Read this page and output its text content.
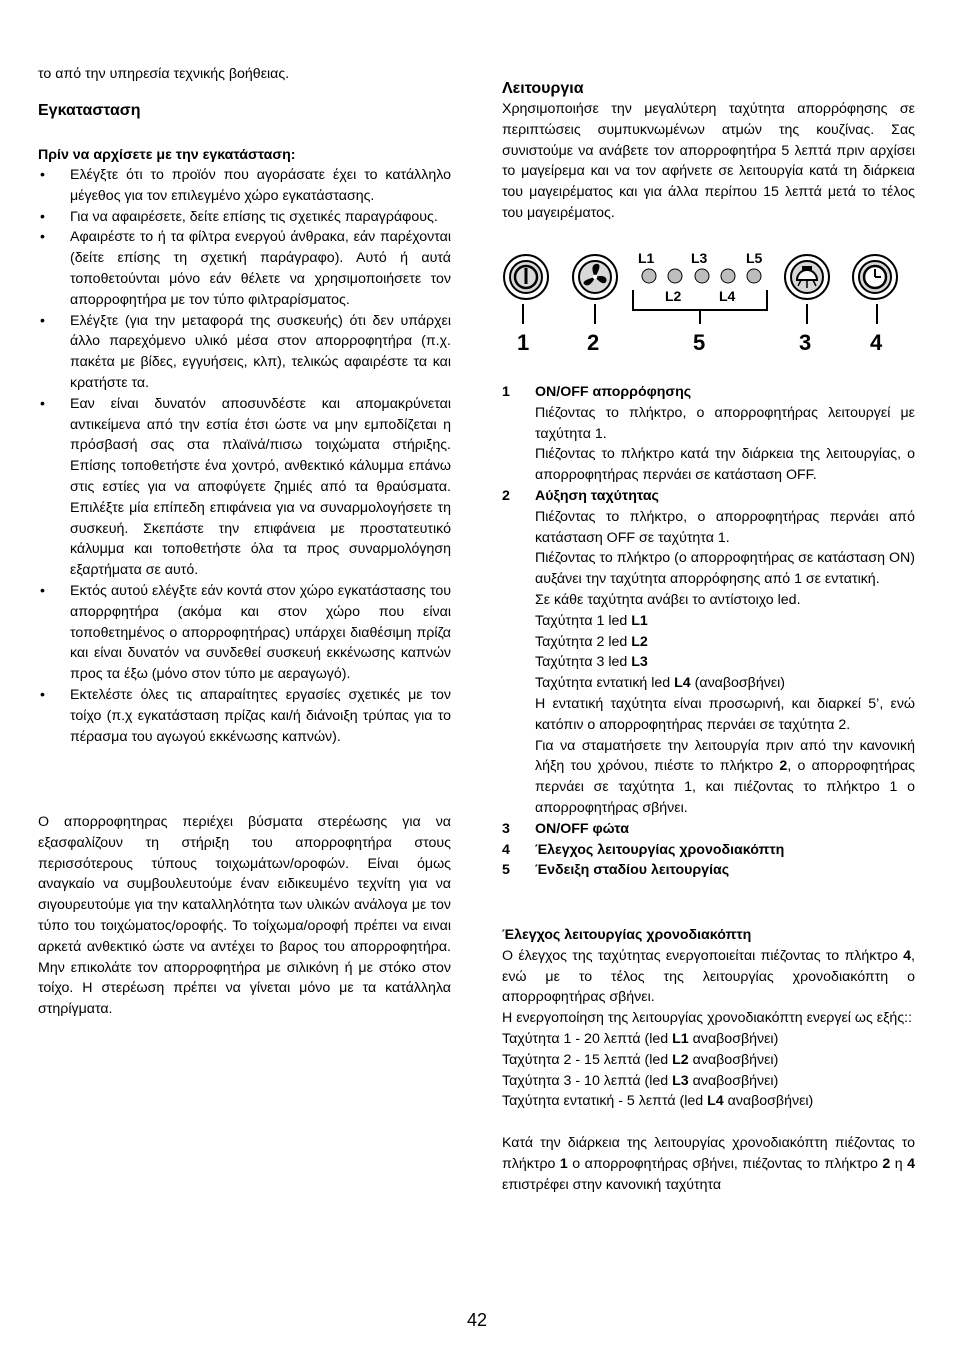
το από την υπηρεσία τεχνικής βοήθειας.
Εγκατασταση
Πρίν να αρχίσετε με την εγκατάσταση:
• Ελέγξτε ότι το προϊόν που αγοράσατε έχει το κατάλληλο μέγεθος για τον επιλεγμένο χώρο εγκατάστασης.
• Για να αφαιρέσετε, δείτε επίσης τις σχετικές παραγράφους.
• Αφαιρέστε το ή τα φίλτρα ενεργού άνθρακα, εάν παρέχονται (δείτε επίσης τη σχετική παράγραφο). Αυτό ή αυτά τοποθετούνται μόνο εάν θέλετε να χρησιμοποιήσετε τον απορροφητήρα με τον τύπο φιλτραρίσματος.
• Ελέγξτε (για την μεταφορά της συσκευής) ότι δεν υπάρχει άλλο παρεχόμενο υλικό μέσα στον απορροφητήρα (π.χ. πακέτα με βίδες, εγγυήσεις, κλπ), τελικώς αφαιρέστε τα και κρατήστε τα.
• Εαν είναι δυνατόν αποσυνδέστε και απομακρύνεται αντικείμενα από την εστία έτσι ώστε να μην εμποδίζεται η πρόσβασή σας στα πλαϊνά/πισω τοιχώματα στήριξης. Επίσης τοποθετήστε ένα χοντρό, ανθεκτικό κάλυμμα επάνω στις εστίες για να αποφύγετε ζημιές από τα θραύσματα. Επιλέξτε μία επίπεδη επιφάνεια για να συναρμολογήσετε τη συσκευή. Σκεπάστε την επιφάνεια με προστατευτικό κάλυμμα και τοποθετήστε όλα τα προς συναρμολόγηση εξαρτήματα σε αυτό.
• Εκτός αυτού ελέγξτε εάν κοντά στον χώρο εγκατάστασης του απορρφητήρα (ακόμα και στον χώρο που είναι τοποθετημένος ο απορροφητήρας) υπάρχει διαθέσιμη πρίζα και είναι δυνατόν να συνδεθεί συσκευή εκκένωσης καπνών προς τα έξω (μόνο στον τύπο με αεραγωγό).
• Εκτελέστε όλες τις απαραίτητες εργασίες σχετικές με τον τοίχο (π.χ εγκατάσταση πρίζας και/ή διάνοιξη τρύπας για το πέρασμα του αγωγού εκκένωσης καπνών).
Ο απορροφητηρας περιέχει βύσματα στερέωσης για να εξασφαλίζουν τη στήριξη του απορροφητήρα στους περισσότερους τύπους τοιχωμάτων/οροφών. Είναι όμως αναγκαίο να συμβουλευτούμε έναν ειδικευμένο τεχνίτη για να σιγουρευτούμε για την καταλληλότητα των υλικών ανάλογα με τον τύπο του τοιχώματος/οροφής. Το τοίχωμα/οροφή πρέπει να ειναι αρκετά ανθεκτικό ώστε να αντέχει το βαρος του απορροφητήρα. Μην επικολάτε τον απορροφητήρα με σιλικόνη ή με στόκο στον τοίχο. Η στερέωση πρέπει να γίνεται μόνο με τα κατάλληλα στηρίγματα.
Λειτουργια
Χρησιμοποιήσε την μεγαλύτερη ταχύτητα απορρόφησης σε περιπτώσεις συμπυκνωμένων ατμών της κουζίνας. Σας συνιστούμε να ανάβετε τον απορροφητήρα 5 λεπτά πριν αρχίσει το μαγείρεμα και να τον αφήνετε σε λειτουργία κατά τη διάρκεια του μαγειρέματος και για άλλα περίπου 15 λεπτά μετά το τέλος του μαγειρέματος.
1	ON/OFF απορρόφησης

Πιέζοντας το πλήκτρο, ο απορροφητήρας λειτουργεί με ταχύτητα 1.

Πιέζοντας το πλήκτρο κατά την διάρκεια της λειτουργίας, ο απορροφητήρας περνάει σε κατάσταση OFF.

2	Αύξηση ταχύτητας

Πιέζοντας το πλήκτρο, ο απορροφητήρας περνάει από κατάσταση OFF σε ταχύτητα 1.

Πιέζοντας το πλήκτρο (ο απορροφητήρας σε κατάσταση ON) αυξάνει την ταχύτητα απορρόφησης από 1 σε εντατική.

Σε κάθε ταχύτητα ανάβει το αντίστοιχο led.

Ταχύτητα 1 led L1

Ταχύτητα 2 led L2

Ταχύτητα 3 led L3

Ταχύτητα εντατική led L4 (αναβοσβήνει)

Η εντατική ταχύτητα είναι προσωρινή, και διαρκεί 5’, ενώ κατόπιν ο απορροφητήρας περνάει σε ταχύτητα 2.

Για να σταματήσετε την λειτουργία πριν από την κανονική λήξη του χρόνου, πιέστε το πλήκτρο 2, ο απορροφητήρας περνάει σε ταχύτητα 1, και πιέζοντας το πλήκτρο 1 ο απορροφητήρας σβήνει.

3	ON/OFF φώτα
4	Έλεγχος λειτουργίας χρονοδιακόπτη
5	Ένδειξη σταδίου λειτουργίας

Έλεγχος λειτουργίας χρονοδιακόπτη

Ο έλεγχος της ταχύτητας ενεργοποιείται πιέζοντας το πλήκτρο 4, ενώ με το τέλος της λειτουργίας χρονοδιακόπτη ο απορροφητήρας σβήνει.

Η ενεργοποίηση της λειτουργίας χρονοδιακόπτη ενεργεί ως εξής::

Ταχύτητα 1 - 20 λεπτά (led L1 αναβοσβήνει)

Ταχύτητα 2 - 15 λεπτά (led L2 αναβοσβήνει)

Ταχύτητα 3 - 10 λεπτά (led L3 αναβοσβήνει)

Ταχύτητα εντατική - 5 λεπτά (led L4 αναβοσβήνει)

Κατά την διάρκεια της λειτουργίας χρονοδιακόπτη πιέζοντας το πλήκτρο 1 ο απορροφητήρας σβήνει, πιέζοντας το πλήκτρο 2 η 4 επιστρέφει στην κανονική ταχύτητα

L1	L3	L5
L2	L4
1	2	5	3	4
42
